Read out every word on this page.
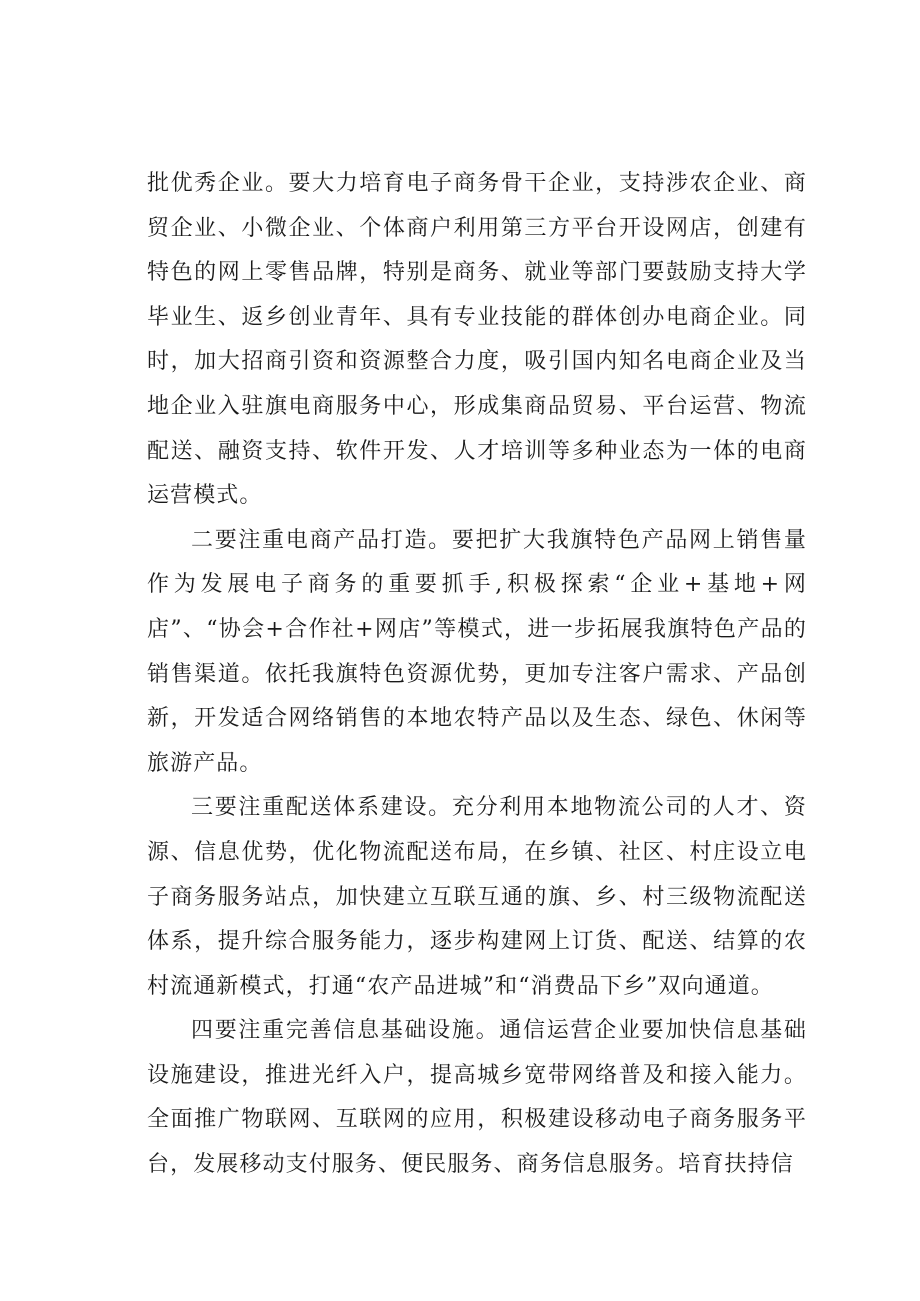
批优秀企业。要大力培育电子商务骨干企业，支持涉农企业、商贸企业、小微企业、个体商户利用第三方平台开设网店，创建有特色的网上零售品牌，特别是商务、就业等部门要鼓励支持大学毕业生、返乡创业青年、具有专业技能的群体创办电商企业。同时，加大招商引资和资源整合力度，吸引国内知名电商企业及当地企业入驻旗电商服务中心，形成集商品贸易、平台运营、物流配送、融资支持、软件开发、人才培训等多种业态为一体的电商运营模式。

二要注重电商产品打造。要把扩大我旗特色产品网上销售量作为发展电子商务的重要抓手,积极探索“企业+基地+网店”、“协会+合作社+网店”等模式，进一步拓展我旗特色产品的销售渠道。依托我旗特色资源优势，更加专注客户需求、产品创新，开发适合网络销售的本地农特产品以及生态、绿色、休闲等旅游产品。

三要注重配送体系建设。充分利用本地物流公司的人才、资源、信息优势，优化物流配送布局，在乡镇、社区、村庄设立电子商务服务站点，加快建立互联互通的旗、乡、村三级物流配送体系，提升综合服务能力，逐步构建网上订货、配送、结算的农村流通新模式，打通“农产品进城”和“消费品下乡”双向通道。

四要注重完善信息基础设施。通信运营企业要加快信息基础设施建设，推进光纤入户，提高城乡宽带网络普及和接入能力。全面推广物联网、互联网的应用，积极建设移动电子商务服务平台，发展移动支付服务、便民服务、商务信息服务。培育扶持信
